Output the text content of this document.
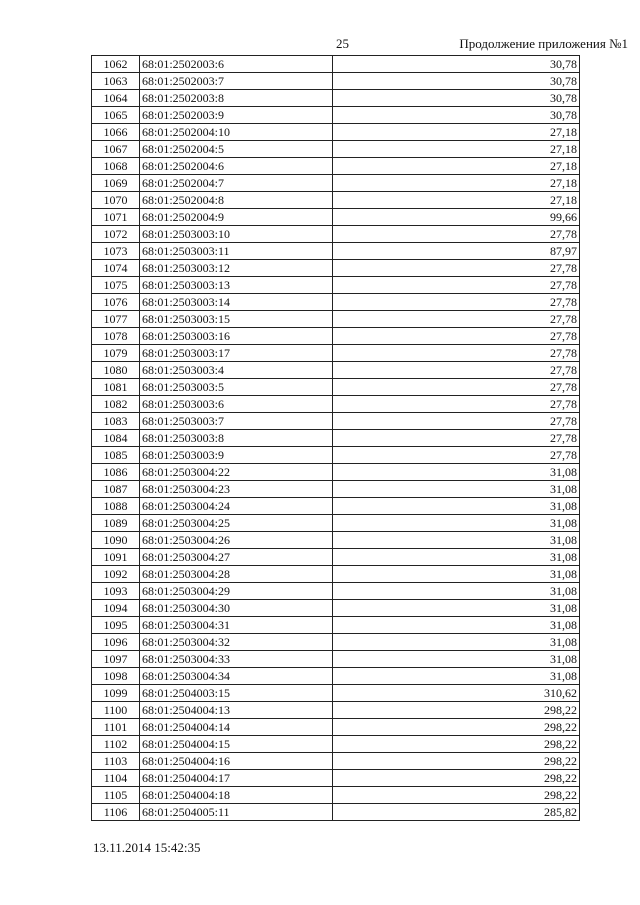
25	Продолжение приложения №1
1062	68:01:2502003:6	30,78
1063	68:01:2502003:7	30,78
1064	68:01:2502003:8	30,78
1065	68:01:2502003:9	30,78
1066	68:01:2502004:10	27,18
1067	68:01:2502004:5	27,18
1068	68:01:2502004:6	27,18
1069	68:01:2502004:7	27,18
1070	68:01:2502004:8	27,18
1071	68:01:2502004:9	99,66
1072	68:01:2503003:10	27,78
1073	68:01:2503003:11	87,97
1074	68:01:2503003:12	27,78
1075	68:01:2503003:13	27,78
1076	68:01:2503003:14	27,78
1077	68:01:2503003:15	27,78
1078	68:01:2503003:16	27,78
1079	68:01:2503003:17	27,78
1080	68:01:2503003:4	27,78
1081	68:01:2503003:5	27,78
1082	68:01:2503003:6	27,78
1083	68:01:2503003:7	27,78
1084	68:01:2503003:8	27,78
1085	68:01:2503003:9	27,78
1086	68:01:2503004:22	31,08
1087	68:01:2503004:23	31,08
1088	68:01:2503004:24	31,08
1089	68:01:2503004:25	31,08
1090	68:01:2503004:26	31,08
1091	68:01:2503004:27	31,08
1092	68:01:2503004:28	31,08
1093	68:01:2503004:29	31,08
1094	68:01:2503004:30	31,08
1095	68:01:2503004:31	31,08
1096	68:01:2503004:32	31,08
1097	68:01:2503004:33	31,08
1098	68:01:2503004:34	31,08
1099	68:01:2504003:15	310,62
1100	68:01:2504004:13	298,22
1101	68:01:2504004:14	298,22
1102	68:01:2504004:15	298,22
1103	68:01:2504004:16	298,22
1104	68:01:2504004:17	298,22
1105	68:01:2504004:18	298,22
1106	68:01:2504005:11	285,82
13.11.2014 15:42:35
